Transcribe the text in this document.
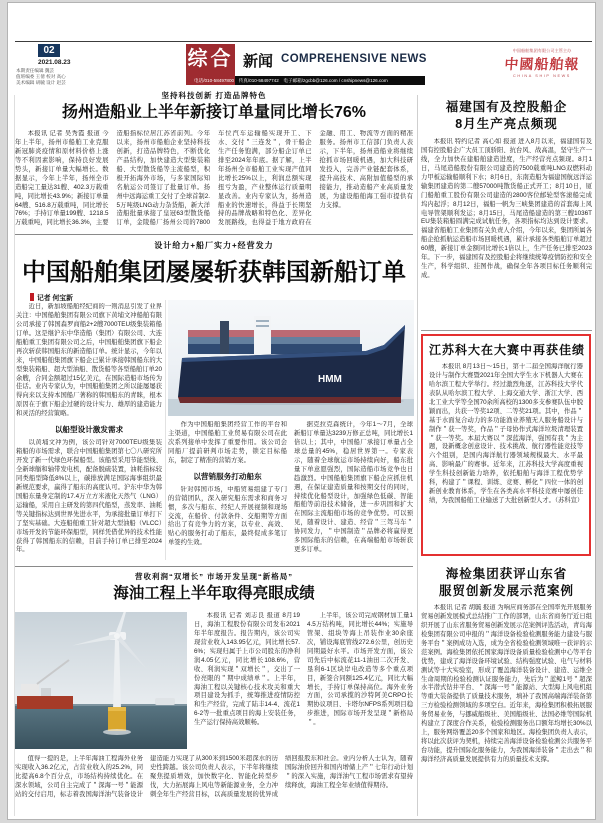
02
2021.08.23
本期责任编辑 魏芸
值班编委 王倩 校对 高心
美术编辑 胡毓 设计 赵芸
综合 新闻 COMPREHENSIVE NEWS
电话/010-58497800　传真/010-58497742　电子邮箱/zgcbb@126.com / cnshipnews@126.com
中国船舶集团有限公司主管主办
中國船舶報
CHINA SHIP NEWS
坚持科技创新 打造品牌特色
扬州造船业上半年新接订单量同比增长76%
本报讯 记者 吴秀霞 报道 今年上半年，扬州市船舶工业克服新冠肺炎疫情和原材料价格上涨等不利因素影响，保持良好发展势头，新接订单量大幅增长。数据显示，今年上半年，扬州全市造船完工量达31艘、402.3万载重吨，同比增长43.9%；新接订单量64艘、516.8万载重吨，同比增长76%；手持订单量199艘、1218.5万载重吨，同比增长36.3%，主要造船指标位居江苏省前列。今年以来，扬州市船舶企业坚持科技创新，打造品牌特色，不断优化产品结构，加快建造大型集装箱船、大型散货船等主流船型，积极开拓海外市场，与多家国际知名航运公司签订了批量订单。扬州中远海运重工交付了全球首制2.5万吨级LNG动力杂货船，新大洋造船批量承接了皇冠63型散货船订单，金陵船厂扬州公司的7800车位汽车运输船实现开工、下水、交付＂三连发＂，骨干船企生产任务饱满，部分船企订单已排至2024年年底。据了解，上半年扬州全市船舶工业实现产值同比增长25%以上，利润总额实现扭亏为盈，产业整体运行质量明显改善。业内专家认为，扬州造船业的快速增长，得益于长期坚持的品牌战略和特色化、差异化发展路线，也得益于地方政府在金融、用工、物流等方面的精准服务。扬州市工信部门负责人表示，下半年，扬州造船业将继续抢抓市场回暖机遇，加大科技研发投入，完善产业链配套体系，提升高技术、高附加值船型的承接能力，推动造船产业高质量发展，为建设船舶海工强市提供有力支撑。
设计给力+船厂实力+经营发力
中国船舶集团屡屡斩获韩国新船订单
记者 何宝新
近日，新加坡船舶经纪商的一则消息引发了业界关注：中国船舶集团有限公司旗下黄埔文冲船舶有限公司承接了韩国森罗商船2+2艘7000TEU级集装箱船订单。这是继沪东中华造船（集团）有限公司、大连船舶重工集团有限公司之后，中国船舶集团旗下船企再次斩获韩国船东的新造船订单。统计显示，今年以来，中国船舶集团旗下船企已累计承接韩国船东的大型集装箱船、超大型油船、散货船等各型船舶订单20余艘，合同金额超过15亿美元，在国际造船市场传为佳话。业内专家认为，中国船舶集团之所以能屡屡获得向来以支持本国船厂著称的韩国船东的青睐，根本原因在于旗下船企过硬的设计实力、雄厚的建造能力和灵活的经营策略。
以船型设计激发需求
以黄埔文冲为例，该公司针对7000TEU级集装箱船的市场需求，联合中国船舶集团第七〇八研究所开发了新一代绿色环保船型。该船型采用节能型线、全新球艏和轴带发电机，配备脱硫装置，油耗指标较同类船型降低8%以上，碳排放满足国际海事组织最新规范要求，赢得了船东的高度认可。沪东中华为韩国船东量身定制的17.4万立方米液化天然气（LNG）运输船，采用自主研发的第四代船型，蒸发率、油耗等关键指标达到世界先进水平，为承接批量订单打下了坚实基础。大连船舶重工针对超大型油船（VLCC）市场开发的节能环保船型，同样凭借优异的技术性能获得了韩国船东的信赖，目前手持订单已排至2024年。
HMM
作为中国船舶集团经营工作的平台和主渠道，中国船舶工业贸易有限公司在此次系列接单中发挥了重要作用。该公司会同船厂提前研判市场走势，锁定目标船东，制定了精准的营销方案。
以营销服务打动船东
针对韩国市场，中船贸易组建了专门的营销团队，深入研究船东需求和商务习惯，多次与船东、经纪人开展视频和现场交流，在船价、付款条件、交船期等方面给出了有竞争力的方案，以专业、高效、贴心的服务打动了船东，最终促成多笔订单签约生效。
据克拉克森统计，今年1～7月，全球新船订单量达3239万修正总吨，同比增长1倍以上；其中，中国船厂承接订单量占全球总量的45%，稳居世界第一。专家表示，随着全球航运市场持续向好，船东批量下单意愿强烈，国际造船市场竞争也日趋激烈。中国船舶集团旗下船企应抓住机遇，在保证建造质量和按期交付的同时，持续优化船型设计，加强绿色低碳、智能船舶等前沿技术储备，进一步巩固和扩大在国际主流船舶市场的竞争优势。可以预见，随着设计、建造、经营＂三驾马车＂协同发力，＂中国制造＂品牌必将赢得更多国际船东的信赖，在高端船舶市场斩获更多订单。
营收利润“双增长” 市场开发呈现“新格局”
海油工程上半年取得亮眼成绩
本报讯 记者 刘志良 报道 8月19日，海油工程股份有限公司发布2021年半年度报告。报告期内，该公司实现营业收入143.95亿元，同比增长57.6%；实现归属于上市公司股东的净利润4.05亿元，同比增长108.6%，营收、利润实现＂双增长＂，交出了一份亮眼的＂期中成绩单＂。上半年，海油工程以关键核心技术攻关和重大项目建设为抓手，统筹推进疫情防控和生产经营，完成了陆丰14-4、流花16-2等一批重点项目的海上安装任务，生产运行保持高效顺畅。
上半年，该公司完成钢材加工量14.5万结构吨，同比增长44%；实施导管架、组块等海上吊装作业30余座次，铺设海底管线272.6公里，创历史同期最好水平。市场开发方面，该公司先后中标流花11-1油田二次开发、垦利6-1区块岸电改造等多个重点项目，新签合同额125.4亿元，同比大幅增长，手持订单保持高位。海外业务方面，公司承揽的沙特阿美CRPO长期协议项目、卡塔尔NFPS系列项目稳步推进，国际市场开发呈现＂新格局＂。
值得一提的是，上半年海油工程海外业务实现收入36.2亿元，占营业收入的25.2%，同比提高6.8个百分点，市场结构持续优化。在深水领域，公司自主完成了＂深海一号＂能源站的交付启用，标志着我国海洋油气装备设计建造能力实现了从300米到1500米超深水的历史性跨越。该公司负责人表示，下半年将继续聚焦提质增效，加快数字化、智能化转型步伐，大力拓展海上风电等新能源业务，全力冲刺全年生产经营目标，以高质量发展的优异成绩回报股东和社会。业内分析人士认为，随着国际油价回升和国内增储上产＂七年行动计划＂的深入实施，海洋油气工程市场需求有望持续释放，海油工程全年业绩值得期待。
福建国有及控股船企
8月生产亮点频现
本报讯 特约记者 高心如 报道 进入8月以来，福建国有及国有控股船企广大员工顶骄阳、抗台风、战高温，坚守生产一线，全力加快在建船舶建造进度，生产经营亮点频现。8月1日，马尾造船股份有限公司建造的7500载重吨LNG双燃料动力甲板运输船顺利下水；8月6日，东南造船为福建国航远洋运输集团建造的第二艘57000吨散货船正式开工；8月10日，厦门船舶重工股份有限公司建造的2800客位邮轮型客滚船完成坞内起浮；8月12日，福船一帆为三峡集团建造的首套海上风电导管架顺利发运；8月15日，马尾造船建造的第三艘1036TEU集装箱船圆满完成试航任务，各项指标均达到设计要求。福建省船舶工业集团有关负责人介绍，今年以来，集团所属各船企抢抓航运造船市场回暖机遇，累计承接各类船舶订单超过60艘，新接订单金额同比增长1倍以上，生产任务已排至2023年。下一步，福建国有及控股船企将继续统筹疫情防控和安全生产，科学组织、挂图作战，确保全年各项目标任务顺利完成。
江苏科大在大赛中再获佳绩
本报讯 8月13日～15日，第十二届全国海洋航行器设计与制作大赛暨2021年全国大学生水下机器人大赛在哈尔滨工程大学举行。经过激烈角逐，江苏科技大学代表队从哈尔滨工程大学、上海交通大学、浙江大学、西北工业大学等全国70余所高校的1300多支参赛队伍中脱颖而出，共获一等奖12项、二等奖21项。其中，作品＂基于水面复合动力的多功能渔业养殖无人服务船设计与制作＂获一等奖，作品＂子母协作式海洋垃圾清理装置＂获一等奖。本届大赛以＂深蓝海洋，强国有我＂为主题，设新概念创意设计、技术挑战、航行器性能竞技等六个组别，是国内海洋航行器领域规模最大、水平最高、影响最广的赛事。近年来，江苏科技大学高度重视学生科技创新能力培养，依托船舶与海洋工程优势学科，构建了＂课程、训练、竞赛、孵化＂四位一体的创新创业教育体系，学生在各类高水平科技竞赛中屡创佳绩，为我国船舶工业输送了大批创新型人才。（苏科宣）
海检集团获评山东省
服贸创新发展示范案例
本报讯 记者 胡毓 报道 为响应商务部在全国率先开展服务贸易创新发展模式总结推广工作的部署，山东省商务厅近日组织开展了山东省服务贸易创新发展示范案例评选活动，青岛海检集团有限公司申报的＂海洋设备检验检测服务能力建设与服务平台＂案例成功入选，成为全省检验检测领域唯一获评的示范案例。海检集团依托国家海洋设备质量检验检测中心等平台优势，建成了海洋设备环境试验、结构强度试验、电气与材料测试等十大实验室，形成了覆盖海洋装备设计、建造、运维全生命周期的检验检测认证服务能力，先后为＂蓝鲸1号＂超深水半潜式钻井平台、＂深海一号＂能源站、大型海上风电机组等重大装备提供了质量技术服务，填补了我国高端海洋装备第三方检验检测领域的多项空白。近年来，海检集团积极拓展服务贸易业务，与挪威船级社、美国船级社、法国必维等国际机构建立了深度合作关系，检验检测服务出口额年均增长30%以上，服务网络覆盖20多个国家和地区。海检集团负责人表示，将以此次获评为契机，持续完善海洋设备检验检测公共服务平台功能，提升国际化服务能力，为我国海洋装备＂走出去＂和海洋经济高质量发展提供有力的质量技术支撑。
